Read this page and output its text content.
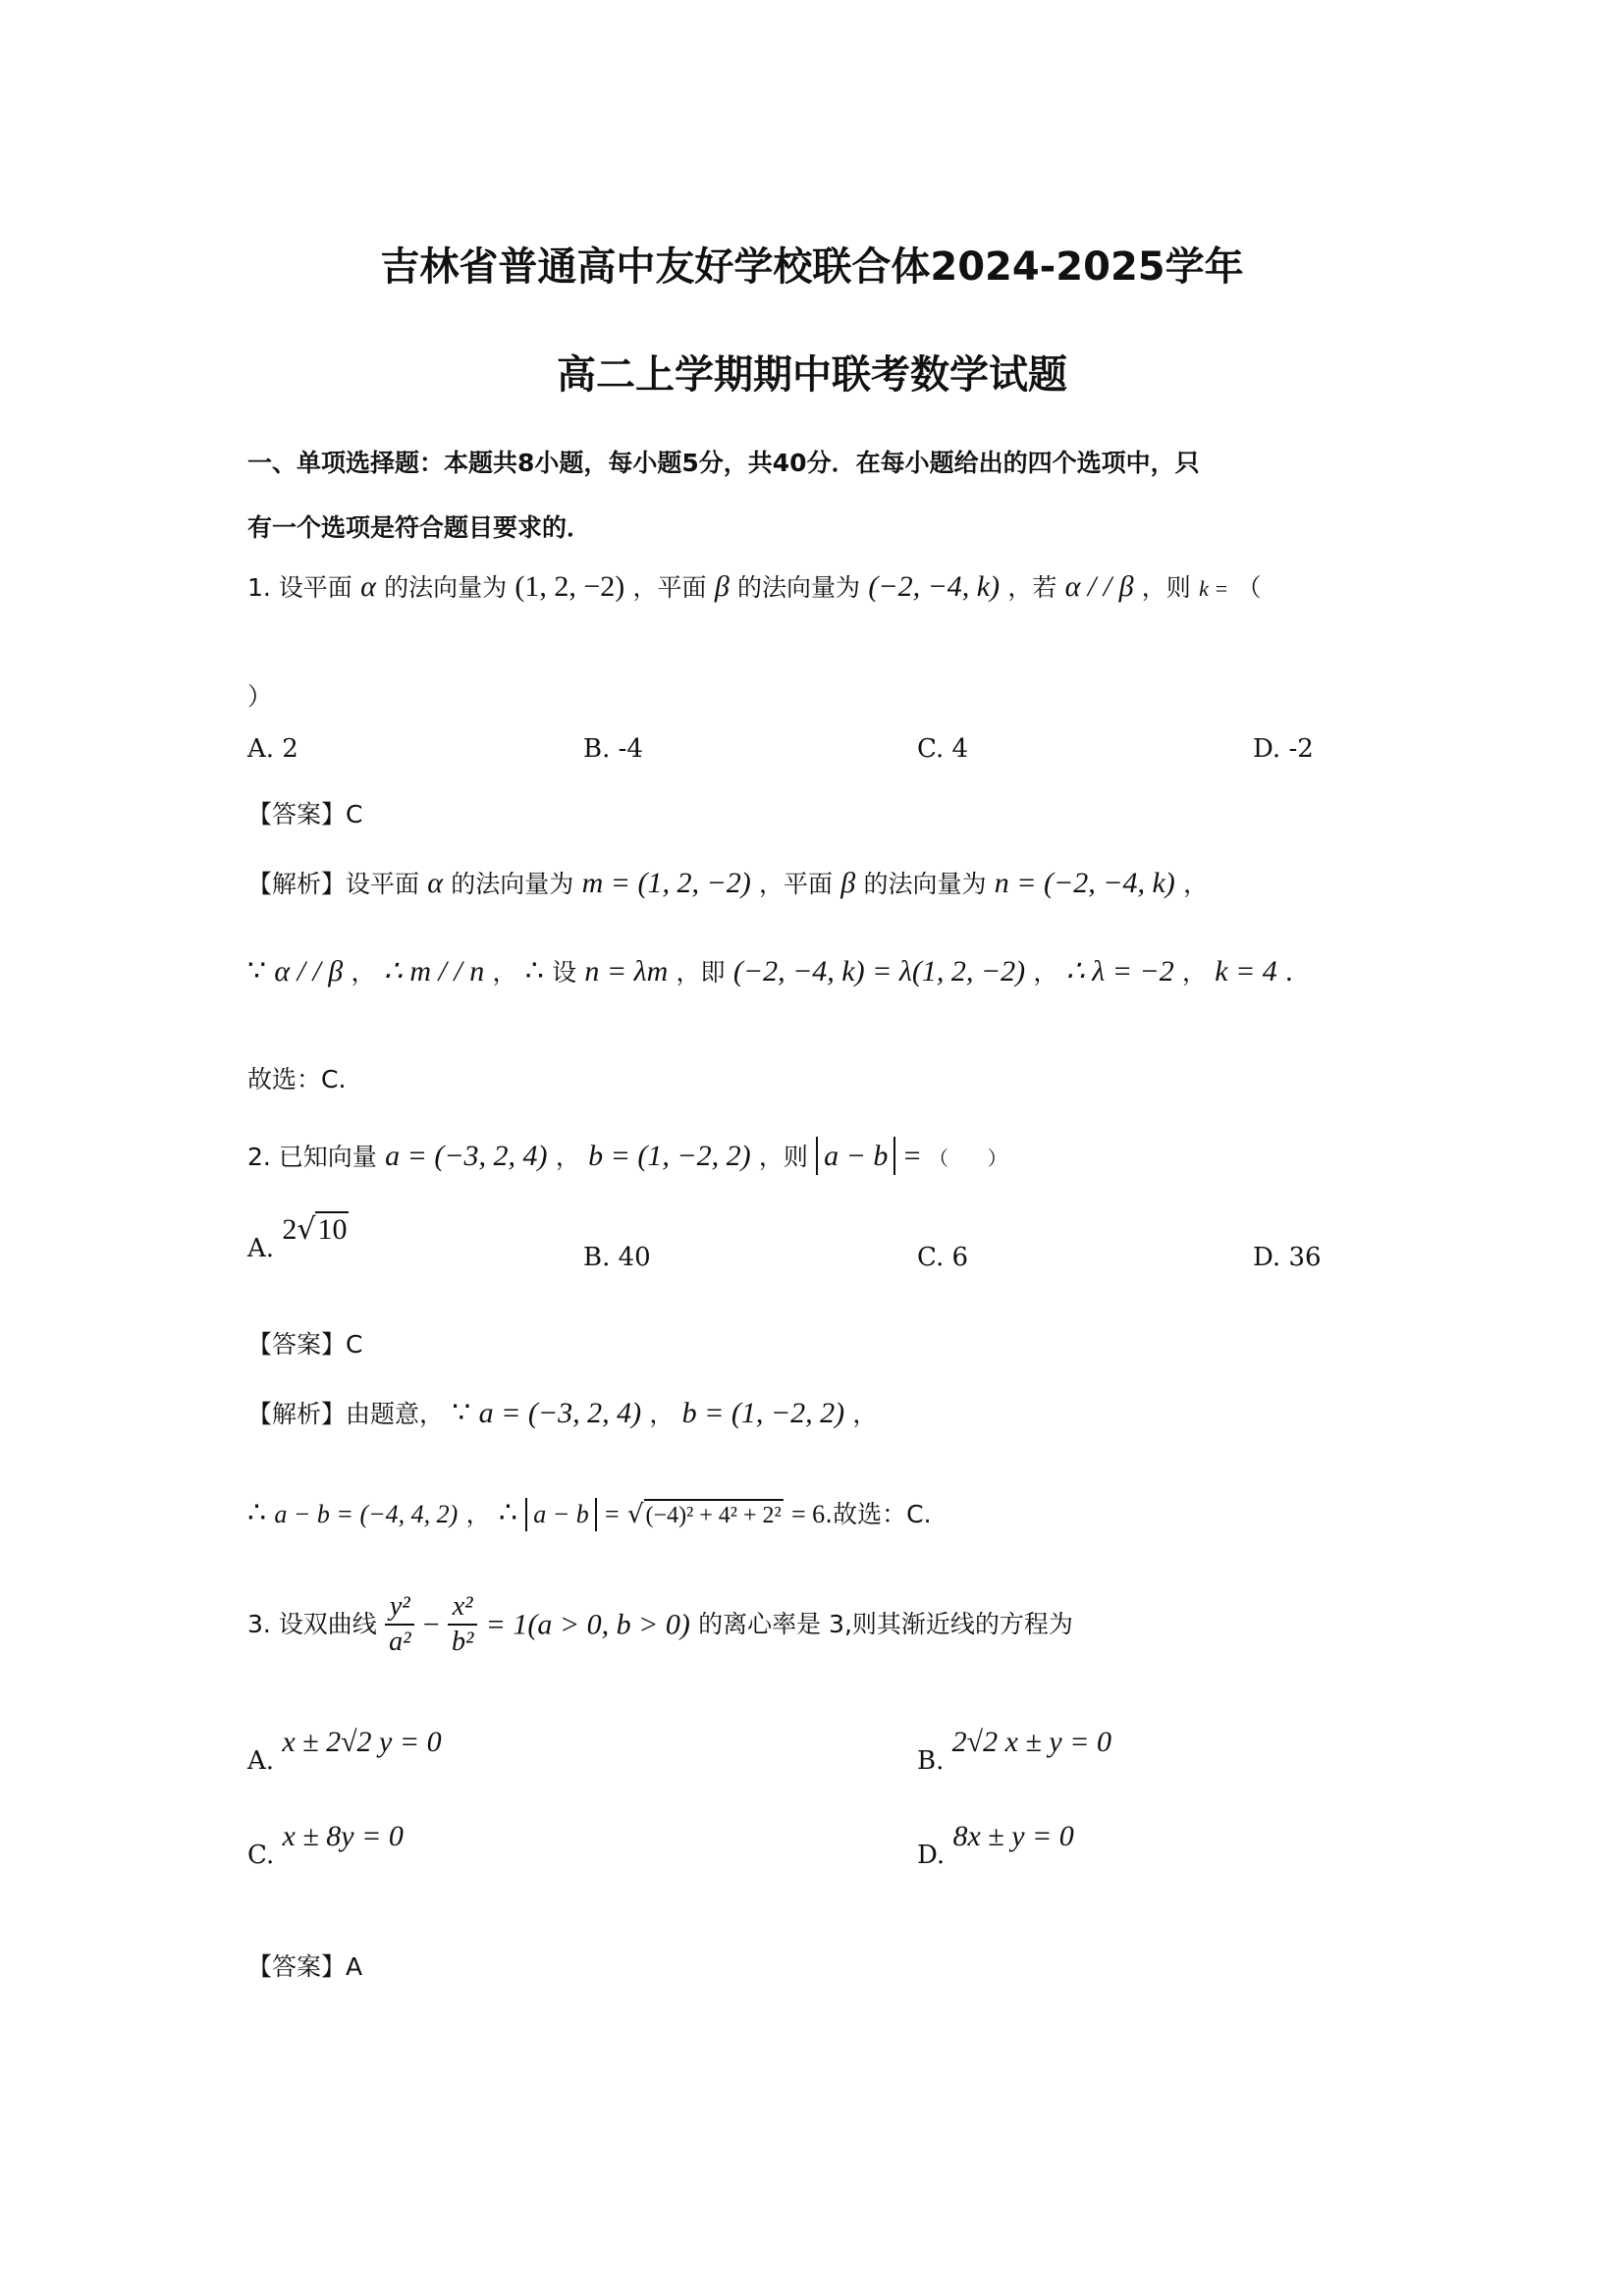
吉林省普通高中友好学校联合体2024-2025学年
高二上学期期中联考数学试题
一、单项选择题：本题共8小题，每小题5分，共40分．在每小题给出的四个选项中，只
有一个选项是符合题目要求的．
1. 设平面 α 的法向量为 (1, 2, −2) ，平面 β 的法向量为 (−2, −4, k) ，若 α / / β ，则 k = （
）
A. 2	B. -4	C. 4	D. -2
【答案】C
【解析】设平面 α 的法向量为 m = (1, 2, −2) ，平面 β 的法向量为 n = (−2, −4, k) ，
∵ α / / β ， ∴ m / / n ， ∴ 设 n = λm ，即 (−2, −4, k) = λ(1, 2, −2) ， ∴ λ = −2 ， k = 4 .
故选：C.
2. 已知向量 a = (−3, 2, 4) ， b = (1, −2, 2) ，则 a − b = （　　）
A. 2√10
B. 40	C. 6	D. 36
【答案】C
【解析】由题意， ∵ a = (−3, 2, 4) ， b = (1, −2, 2) ，
∴ a − b = (−4, 4, 2) ， ∴ a − b = √(−4)² + 4² + 2² = 6.故选：C.
3. 设双曲线 $\frac{\text{y²}}{\text{a²}} - \frac{\text{x²}}{\text{b²}} = 1(a > 0$, b > 0) 的离心率是 3,则其渐近线的方程为
A. x ± 2√2 y = 0
B. 2√2 x ± y = 0
C. x ± 8y = 0
D. 8x ± y = 0
【答案】A
